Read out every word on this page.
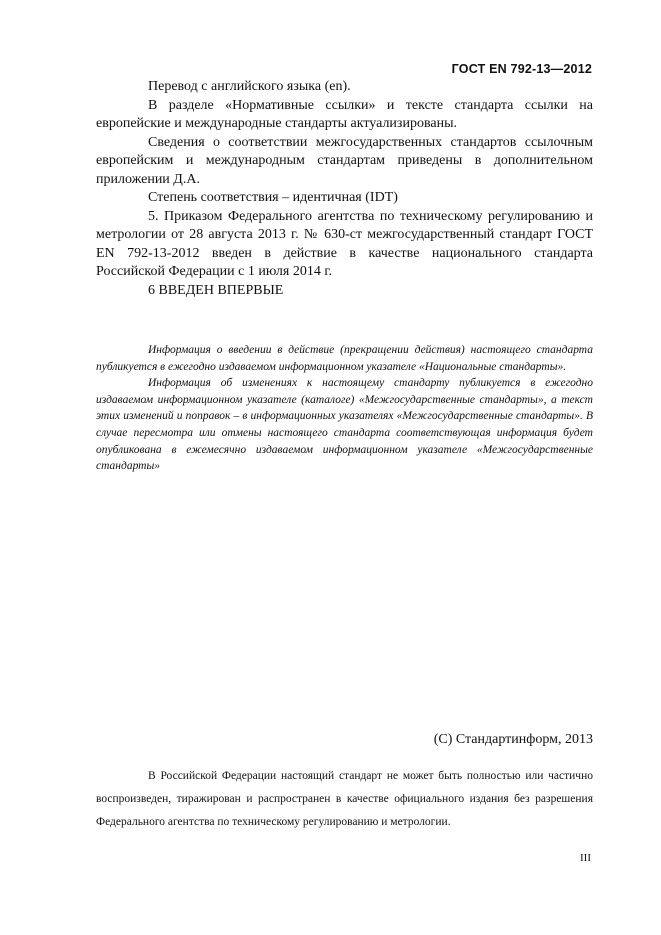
ГОСТ EN 792-13—2012

Перевод с английского языка (en).

В разделе «Нормативные ссылки» и тексте стандарта ссылки на европейские и международные стандарты актуализированы.

Сведения о соответствии межгосударственных стандартов ссылочным европейским и международным стандартам приведены в дополнительном приложении Д.А.

Степень соответствия – идентичная (IDT)

5. Приказом Федерального агентства по техническому регулированию и метрологии от 28 августа 2013 г. № 630-ст межгосударственный стандарт ГОСТ EN 792-13-2012 введен в действие в качестве национального стандарта Российской Федерации с 1 июля 2014 г.

6 ВВЕДЕН ВПЕРВЫЕ

Информация о введении в действие (прекращении действия) настоящего стандарта публикуется в ежегодно издаваемом информационном указателе «Национальные стандарты».

Информация об изменениях к настоящему стандарту публикуется в ежегодно издаваемом информационном указателе (каталоге) «Межгосударственные стандарты», а текст этих изменений и поправок – в информационных указателях «Межгосударственные стандарты». В случае пересмотра или отмены настоящего стандарта соответствующая информация будет опубликована в ежемесячно издаваемом информационном указателе «Межгосударственные стандарты»

(C) Стандартинформ, 2013

В Российской Федерации настоящий стандарт не может быть полностью или частично воспроизведен, тиражирован и распространен в качестве официального издания без разрешения Федерального агентства по техническому регулированию и метрологии.

III
